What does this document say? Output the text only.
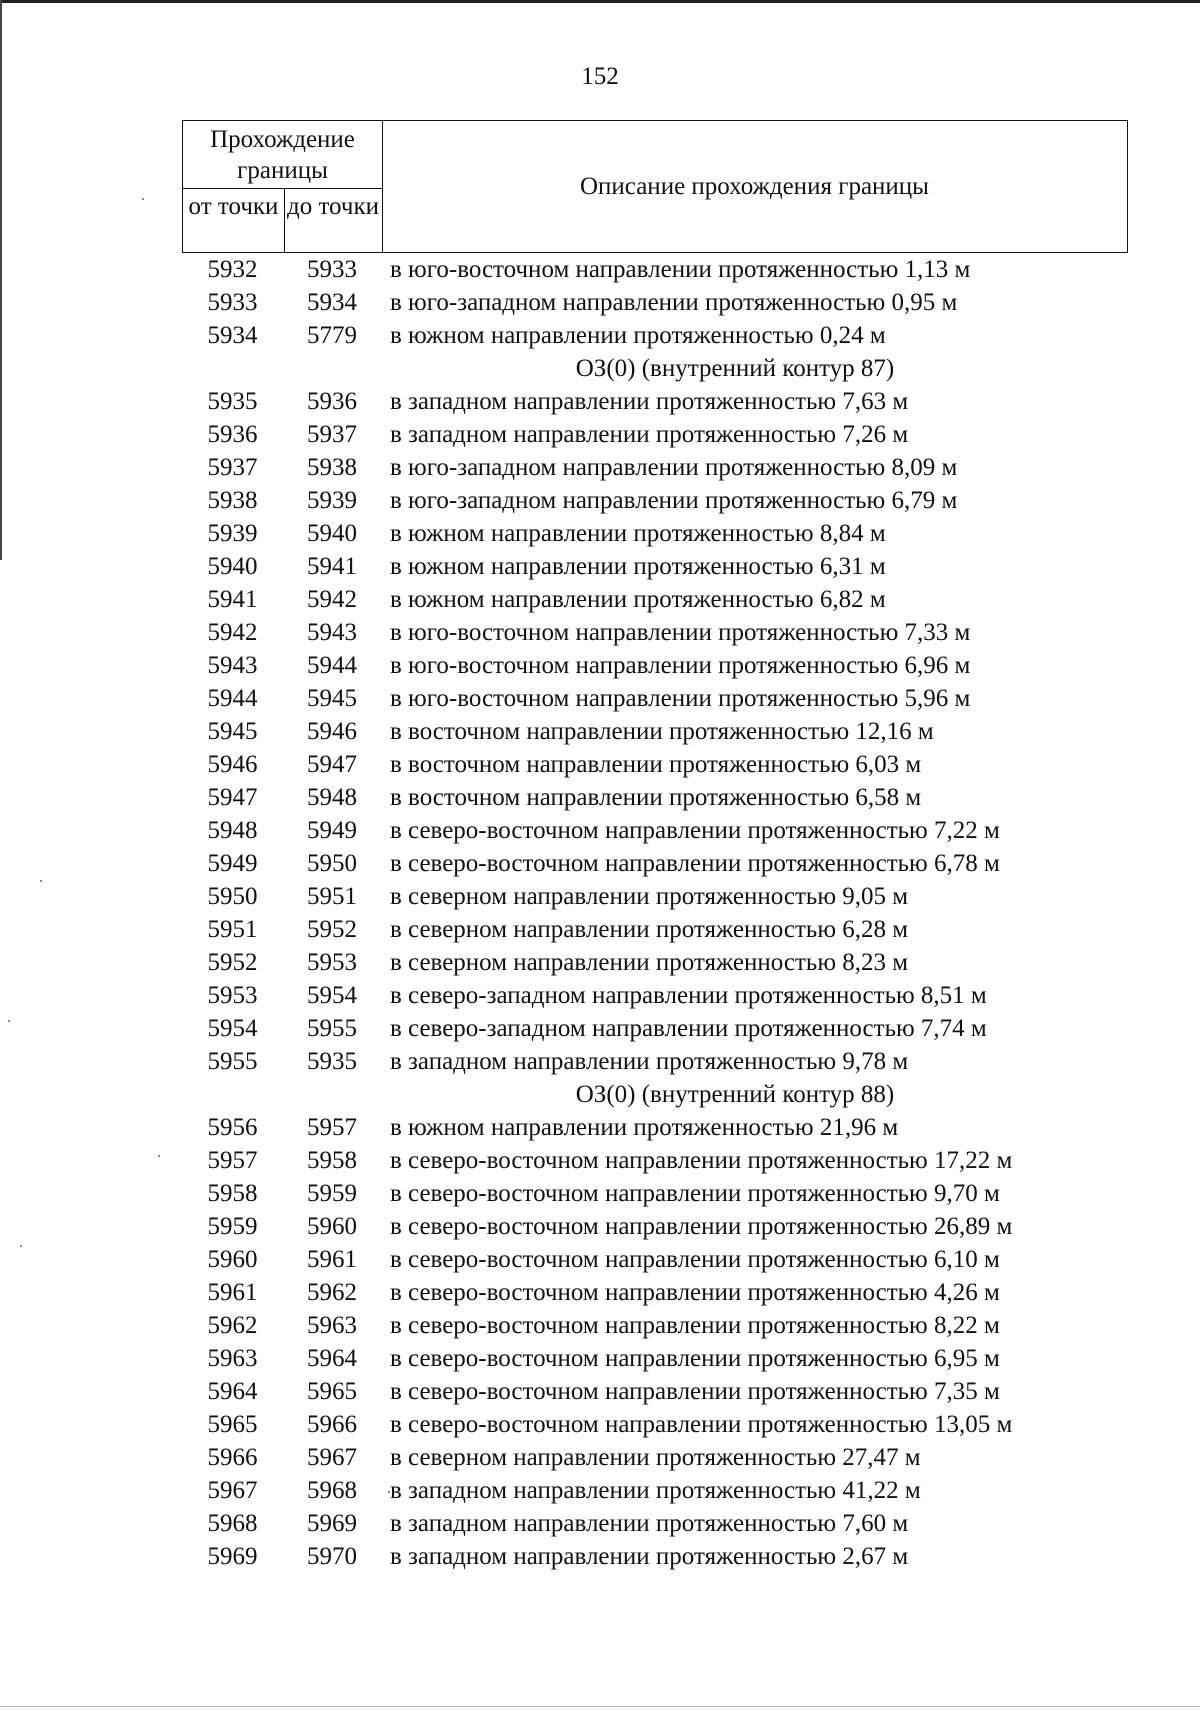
152
Прохождение границы
от точки до точки
Описание прохождения границы
5932	5933	в юго-восточном направлении протяженностью 1,13 м
5933	5934	в юго-западном направлении протяженностью 0,95 м
5934	5779	в южном направлении протяженностью 0,24 м
ОЗ(0) (внутренний контур 87)
5935	5936	в западном направлении протяженностью 7,63 м
5936	5937	в западном направлении протяженностью 7,26 м
5937	5938	в юго-западном направлении протяженностью 8,09 м
5938	5939	в юго-западном направлении протяженностью 6,79 м
5939	5940	в южном направлении протяженностью 8,84 м
5940	5941	в южном направлении протяженностью 6,31 м
5941	5942	в южном направлении протяженностью 6,82 м
5942	5943	в юго-восточном направлении протяженностью 7,33 м
5943	5944	в юго-восточном направлении протяженностью 6,96 м
5944	5945	в юго-восточном направлении протяженностью 5,96 м
5945	5946	в восточном направлении протяженностью 12,16 м
5946	5947	в восточном направлении протяженностью 6,03 м
5947	5948	в восточном направлении протяженностью 6,58 м
5948	5949	в северо-восточном направлении протяженностью 7,22 м
5949	5950	в северо-восточном направлении протяженностью 6,78 м
5950	5951	в северном направлении протяженностью 9,05 м
5951	5952	в северном направлении протяженностью 6,28 м
5952	5953	в северном направлении протяженностью 8,23 м
5953	5954	в северо-западном направлении протяженностью 8,51 м
5954	5955	в северо-западном направлении протяженностью 7,74 м
5955	5935	в западном направлении протяженностью 9,78 м
ОЗ(0) (внутренний контур 88)
5956	5957	в южном направлении протяженностью 21,96 м
5957	5958	в северо-восточном направлении протяженностью 17,22 м
5958	5959	в северо-восточном направлении протяженностью 9,70 м
5959	5960	в северо-восточном направлении протяженностью 26,89 м
5960	5961	в северо-восточном направлении протяженностью 6,10 м
5961	5962	в северо-восточном направлении протяженностью 4,26 м
5962	5963	в северо-восточном направлении протяженностью 8,22 м
5963	5964	в северо-восточном направлении протяженностью 6,95 м
5964	5965	в северо-восточном направлении протяженностью 7,35 м
5965	5966	в северо-восточном направлении протяженностью 13,05 м
5966	5967	в северном направлении протяженностью 27,47 м
5967	5968	в западном направлении протяженностью 41,22 м
5968	5969	в западном направлении протяженностью 7,60 м
5969	5970	в западном направлении протяженностью 2,67 м
